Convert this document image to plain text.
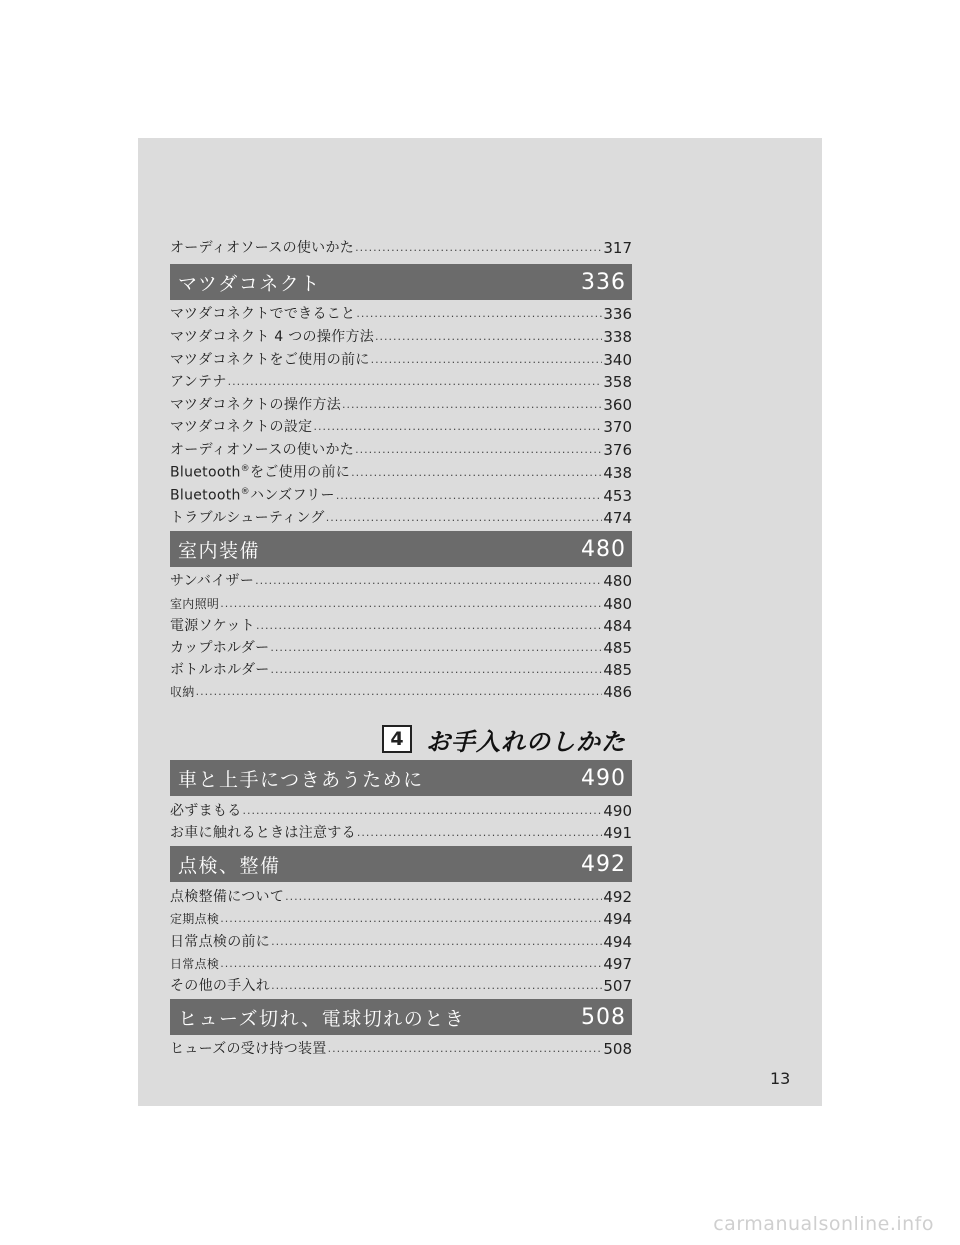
オーディオソースの使いかた .....	317
マツダコネクト	336
マツダコネクトでできること .....	336
マツダコネクト 4 つの操作方法 .....	338
マツダコネクトをご使用の前に .....	340
アンテナ .....	358
マツダコネクトの操作方法 .....	360
マツダコネクトの設定 .....	370
オーディオソースの使いかた .....	376
Bluetooth®をご使用の前に .....	438
Bluetooth®ハンズフリー .....	453
トラブルシューティング .....	474
室内装備	480
サンバイザー .....	480
室内照明 .....	480
電源ソケット .....	484
カップホルダー .....	485
ボトルホルダー .....	485
収納 .....	486
車と上手につきあうために	490
必ずまもる .....	490
お車に触れるときは注意する .....	491
点検、整備	492
点検整備について .....	492
定期点検 .....	494
日常点検の前に .....	494
日常点検 .....	497
その他の手入れ .....	507
ヒューズ切れ、電球切れのとき	508
ヒューズの受け持つ装置 .....	508
4 お手入れのしかた
13
carmanualsonline.info
